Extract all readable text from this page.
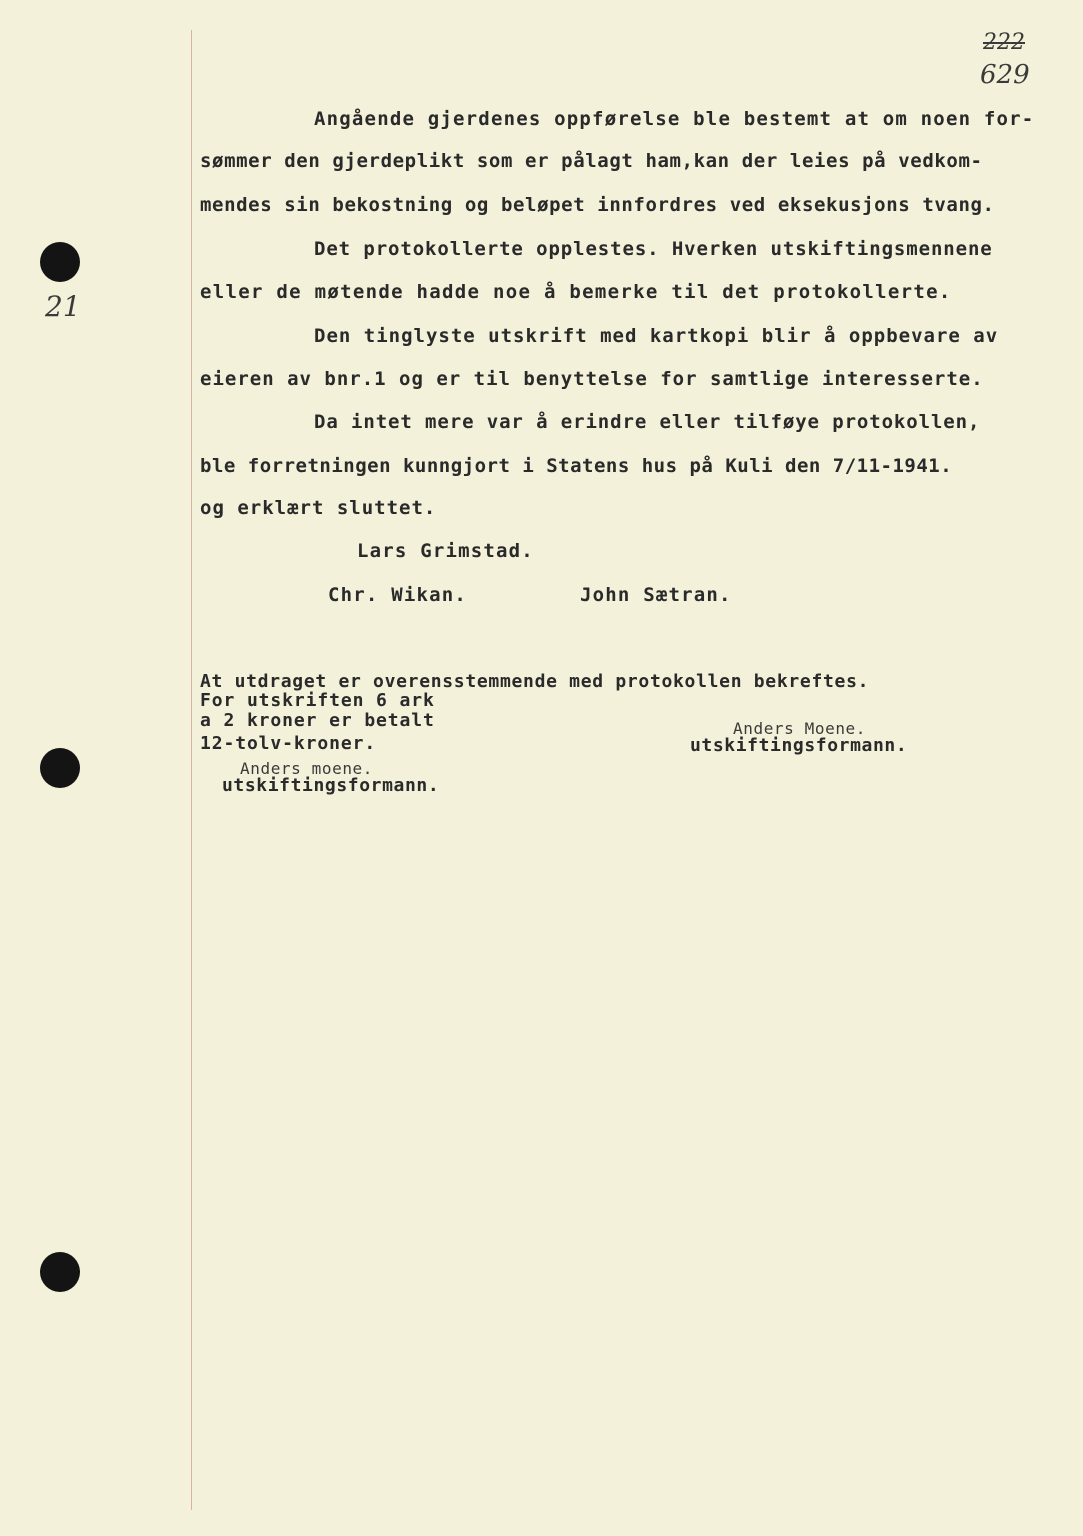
222
629
21
Angående gjerdenes oppførelse ble bestemt at om noen for-
sømmer den gjerdeplikt som er pålagt ham,kan der leies på vedkom-
mendes sin bekostning og beløpet innfordres ved eksekusjons tvang.
Det protokollerte opplestes. Hverken utskiftingsmennene
eller de møtende hadde noe å bemerke til det protokollerte.
Den tinglyste utskrift med kartkopi blir å oppbevare av
eieren av bnr.1 og er til benyttelse for samtlige interesserte.
Da intet mere var å erindre eller tilføye protokollen,
ble forretningen kunngjort i Statens hus på Kuli den 7/11-1941.
og erklært sluttet.
Lars Grimstad.
Chr. Wikan.	John Sætran.
At utdraget er overensstemmende med protokollen bekreftes.
For utskriften 6 ark
a 2 kroner er betalt
12-tolv-kroner.
Anders Moene.
utskiftingsformann.
Anders moene.
utskiftingsformann.
